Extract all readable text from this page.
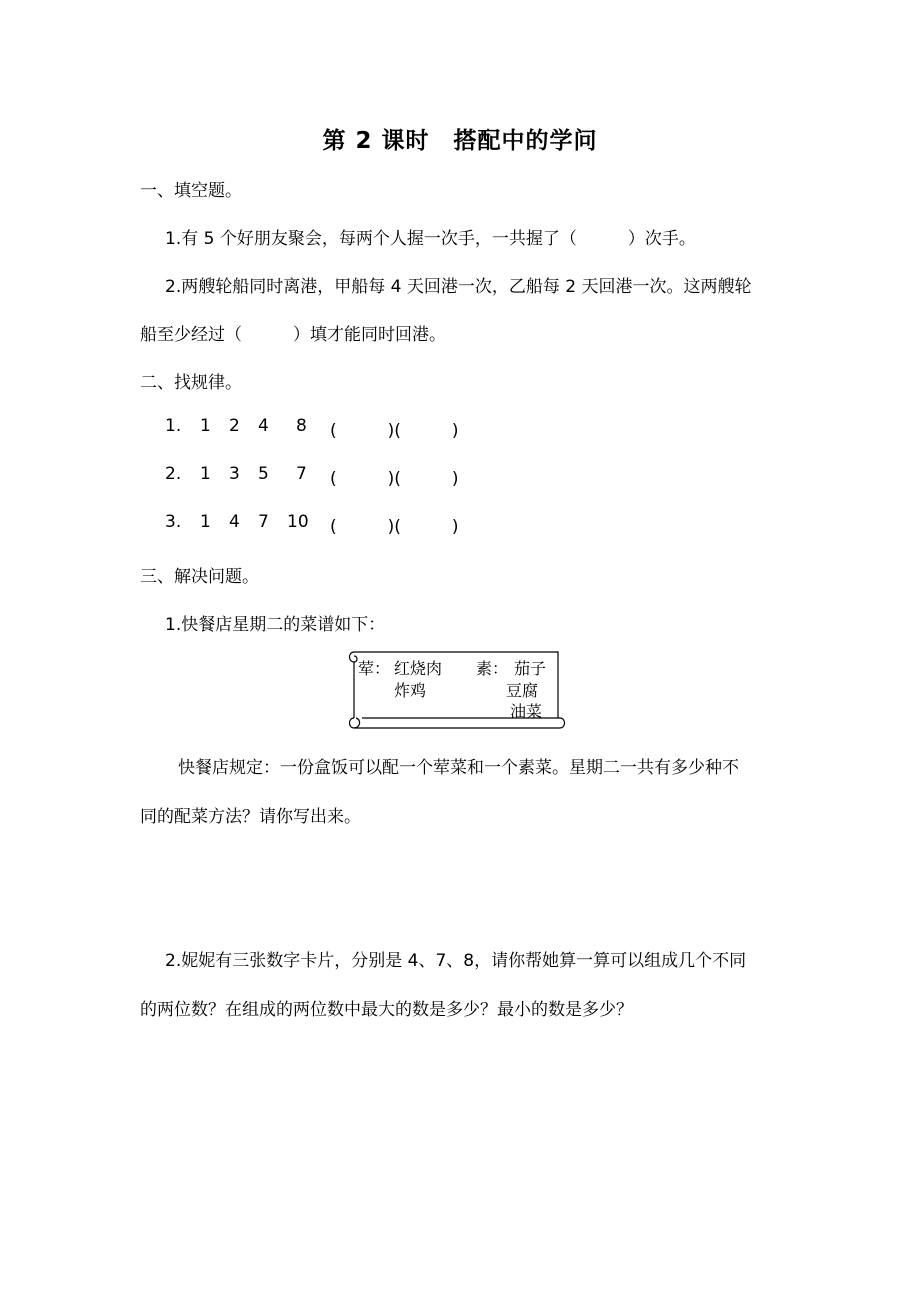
第 2 课时　搭配中的学问
一、填空题。
1.有 5 个好朋友聚会，每两个人握一次手，一共握了（　　　）次手。
2.两艘轮船同时离港，甲船每 4 天回港一次，乙船每 2 天回港一次。这两艘轮
船至少经过（　　　）填才能同时回港。
二、找规律。
1. 1 2 4 8 (　　　)(　　　)
2. 1 3 5 7 (　　　)(　　　)
3. 1 4 7 10 (　　　)(　　　)
三、解决问题。
1.快餐店星期二的菜谱如下：
荤： 红烧肉
炸鸡
素： 茄子
豆腐
油菜
快餐店规定：一份盒饭可以配一个荤菜和一个素菜。星期二一共有多少种不
同的配菜方法？请你写出来。
2.妮妮有三张数字卡片，分别是 4、7、8，请你帮她算一算可以组成几个不同
的两位数？在组成的两位数中最大的数是多少？最小的数是多少？
